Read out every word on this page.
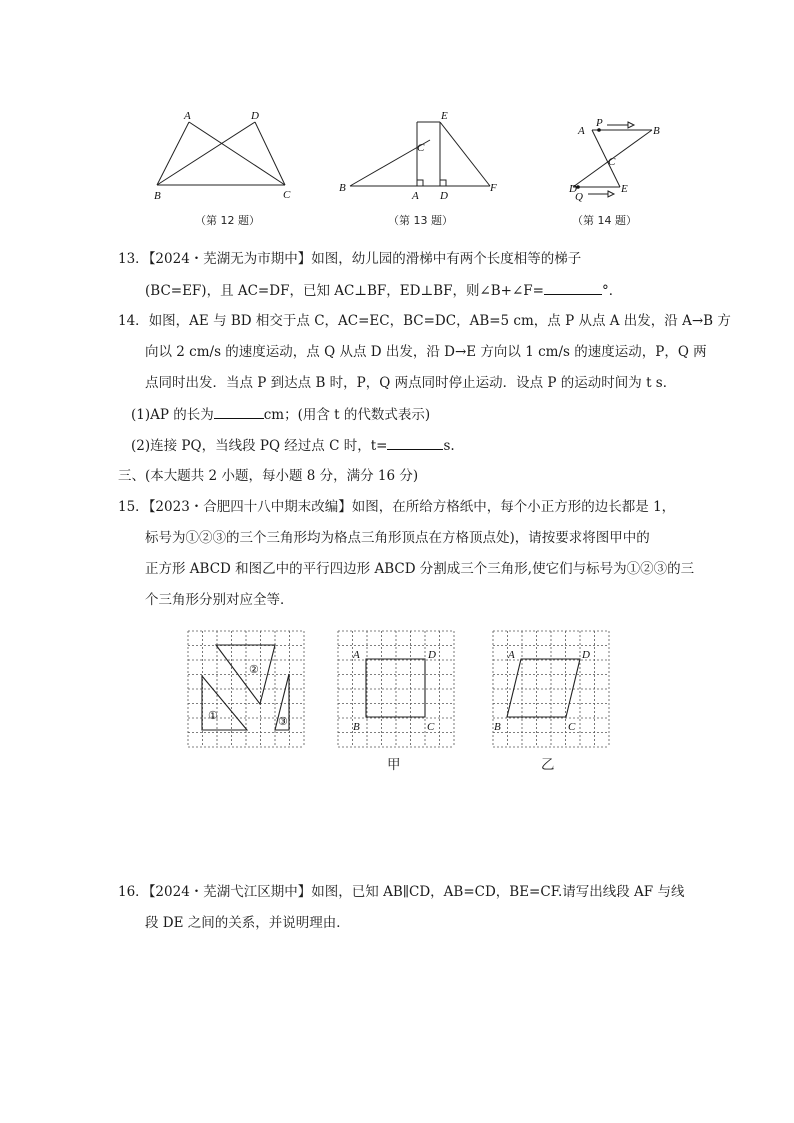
A	D
B	C
（第 12 题）
E
C
B
A D
F
（第 13 题）
A
P
B
C
D
Q
E
（第 14 题）
13．【2024・芜湖无为市期中】如图，幼儿园的滑梯中有两个长度相等的梯子
(BC=EF)，且 AC=DF，已知 AC⊥BF，ED⊥BF，则∠B+∠F=	°．
14．如图，AE 与 BD 相交于点 C，AC=EC，BC=DC，AB=5 cm，点 P 从点 A 出发，沿 A→B 方
向以 2 cm/s 的速度运动，点 Q 从点 D 出发，沿 D→E 方向以 1 cm/s 的速度运动，P，Q 两
点同时出发．当点 P 到达点 B 时，P，Q 两点同时停止运动．设点 P 的运动时间为 t s．
(1)AP 的长为	cm；(用含 t 的代数式表示)
(2)连接 PQ，当线段 PQ 经过点 C 时，t=	s.
三、(本大题共 2 小题，每小题 8 分，满分 16 分)
15．【2023・合肥四十八中期末改编】如图，在所给方格纸中，每个小正方形的边长都是 1，
标号为①②③的三个三角形均为格点三角形顶点在方格顶点处)，请按要求将图甲中的
正方形 ABCD 和图乙中的平行四边形 ABCD 分割成三个三角形,使它们与标号为①②③的三
个三角形分别对应全等．
①
②
③
A	D
B	C
甲
A	D
B	C
乙
16．【2024・芜湖弋江区期中】如图，已知 AB∥CD，AB=CD，BE=CF.请写出线段 AF 与线
段 DE 之间的关系，并说明理由．
